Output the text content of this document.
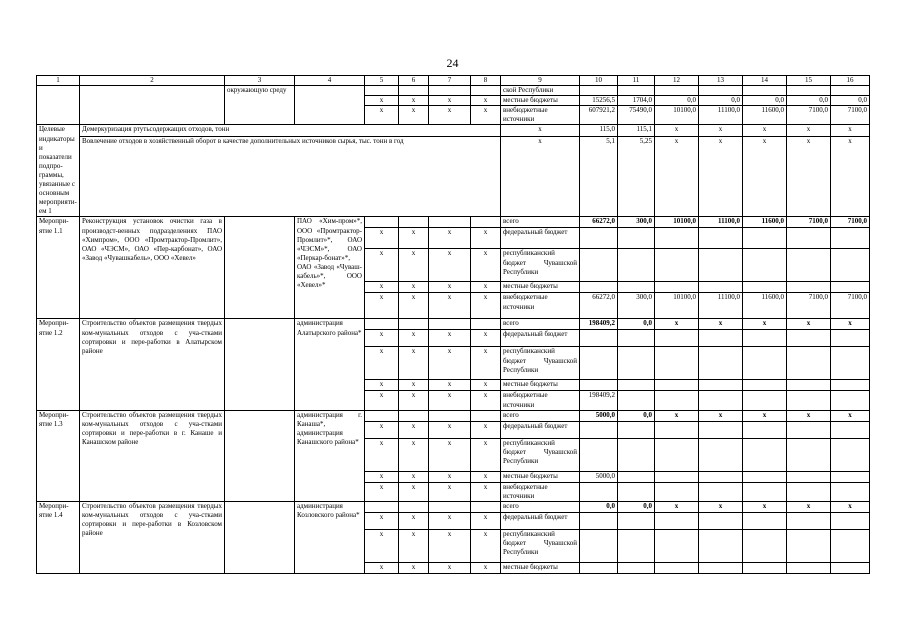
24
1	2	3	4	5	6	7	8	9	10	11	12	13	14	15	16
		окружающую среду						ской Республики							
				х	х	х	х	местные бюджеты	15256,5	1704,0	0,0	0,0	0,0	0,0	0,0
				х	х	х	х	внебюджетные источники	607921,2	75490,0	10100,0	11100,0	11600,0	7100,0	7100,0
Целевые индикаторы и показатели подпро-граммы, увязанные с основным мероприяти-ем 1	Демеркуризация ртутьсодержащих отходов, тонн							х	115,0	115,1	х	х	х	х	х
	Вовлечение отходов в хозяйственный оборот в качестве дополнительных источников сырья, тыс. тонн в год							х	5,1	5,25	х	х	х	х	х
Меропри-ятие 1.1	Реконструкция установок очистки газа в производст-венных подразделениях ПАО «Химпром», ООО «Промтрактор-Промлит», ОАО «ЧЭСМ», ОАО «Пер-карбонат», ОАО «Завод «Чувашкабель», ООО «Хевел»		ПАО «Хим-пром»*, ООО «Промтрактор-Промлит»*, ОАО «ЧЭСМ»*, ОАО «Перкар-бонат»*, ОАО «Завод «Чуваш-кабель»*, ООО «Хевел»*					всего	66272,0	300,0	10100,0	11100,0	11600,0	7100,0	7100,0
				х	х	х	х	федеральный бюджет							
				х	х	х	х	республиканский бюджет Чувашской Республики							
				х	х	х	х	местные бюджеты							
				х	х	х	х	внебюджетные источники	66272,0	300,0	10100,0	11100,0	11600,0	7100,0	7100,0
Меропри-ятие 1.2	Строительство объектов размещения твердых ком-мунальных отходов с уча-стками сортировки и пере-работки в Алатырском районе		администрация Алатырского района*					всего	198409,2	0,0	х	х	х	х	х
				х	х	х	х	федеральный бюджет							
				х	х	х	х	республиканский бюджет Чувашской Республики							
				х	х	х	х	местные бюджеты							
				х	х	х	х	внебюджетные источники	198409,2						
Меропри-ятие 1.3	Строительство объектов размещения твердых ком-мунальных отходов с уча-стками сортировки и пере-работки в г. Канаше и Канашском районе		администрация г. Канаша*, администрация Канашского района*					всего	5000,0	0,0	х	х	х	х	х
				х	х	х	х	федеральный бюджет							
				х	х	х	х	республиканский бюджет Чувашской Республики							
				х	х	х	х	местные бюджеты	5000,0						
				х	х	х	х	внебюджетные источники							
Меропри-ятие 1.4	Строительство объектов размещения твердых ком-мунальных отходов с уча-стками сортировки и пере-работки в Козловском районе		администрация Козловского района*					всего	0,0	0,0	х	х	х	х	х
				х	х	х	х	федеральный бюджет							
				х	х	х	х	республиканский бюджет Чувашской Республики							
				х	х	х	х	местные бюджеты							
